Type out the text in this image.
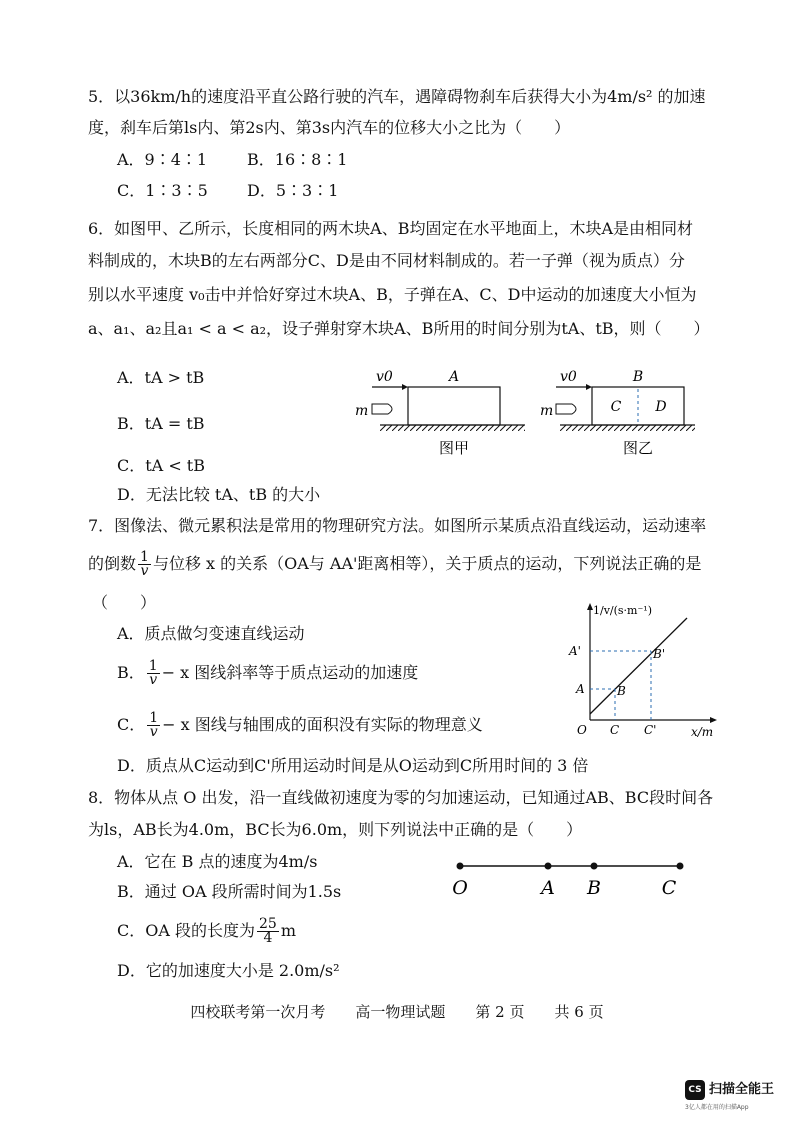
5．以36km/h的速度沿平直公路行驶的汽车，遇障碍物刹车后获得大小为4m/s² 的加速
度，刹车后第ls内、第2s内、第3s内汽车的位移大小之比为（　　）
A．9∶4∶1 B．16∶8∶1
C．1∶3∶5 D．5∶3∶1
6．如图甲、乙所示，长度相同的两木块A、B均固定在水平地面上，木块A是由相同材
料制成的，木块B的左右两部分C、D是由不同材料制成的。若一子弹（视为质点）分
别以水平速度 v₀击中并恰好穿过木块A、B，子弹在A、C、D中运动的加速度大小恒为
a、a₁、a₂且a₁ < a < a₂，设子弹射穿木块A、B所用的时间分别为tA、tB，则（　　）
A．tA > tB
B．tA = tB
C．tA < tB
D．无法比较 tA、tB 的大小
v0
m
A
图甲
v0
m
B
C D
图乙
7．图像法、微元累积法是常用的物理研究方法。如图所示某质点沿直线运动，运动速率
的倒数 $\frac{1}{v}$ 与位移 x 的关系（OA与 AA'距离相等），关于质点的运动，下列说法正确的是
（　　）
A．质点做匀变速直线运动
B． $\frac{1}{v} - x$ 图线斜率等于质点运动的加速度
C． $\frac{1}{v} - x$ 图线与轴围成的面积没有实际的物理意义
D．质点从C运动到C'所用运动时间是从O运动到C所用时间的 3 倍
1/v/(s·m⁻¹)
x/m
O C C'
A
A'
B
B'
8．物体从点 O 出发，沿一直线做初速度为零的匀加速运动，已知通过AB、BC段时间各
为ls，AB长为4.0m，BC长为6.0m，则下列说法中正确的是（　　）
A．它在 B 点的速度为4m/s
B．通过 OA 段所需时间为1.5s
C．OA 段的长度为 $\frac{25}{4}$ m
D．它的加速度大小是 2.0m/s²
O	A B	C
四校联考第一次月考　　高一物理试题　　第 2 页　　共 6 页
CS 扫描全能王
3亿人都在用的扫描App
